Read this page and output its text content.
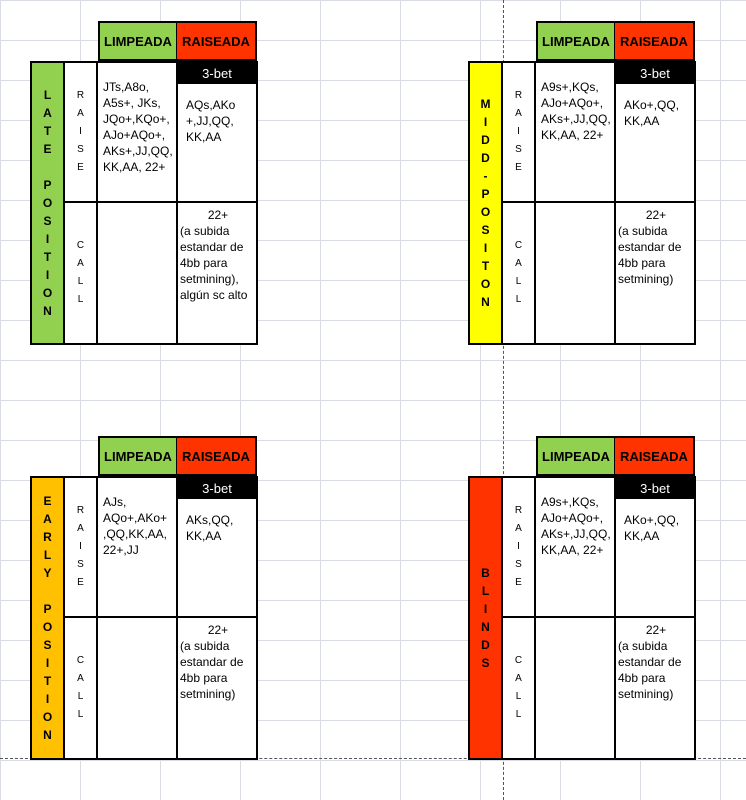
LIMPEADA RAISEADA
L
A
T
E

P
O
S
I
T
I
O
N
R
A
I
S
E
C
A
L
L
JTs,A8o, A5s+, JKs, JQo+,KQo+, AJo+AQo+, AKs+,JJ,QQ, KK,AA, 22+
3-bet
AQs,AKo +,JJ,QQ, KK,AA
22+
(a subida estandar de 4bb para setmining), algún sc alto
LIMPEADA RAISEADA
M
I
D
D
-
P
O
S
I
T
O
N
R
A
I
S
E
C
A
L
L
A9s+,KQs, AJo+AQo+, AKs+,JJ,QQ, KK,AA, 22+
3-bet
AKo+,QQ, KK,AA
22+
(a subida estandar de 4bb para setmining)
LIMPEADA RAISEADA
E
A
R
L
Y

P
O
S
I
T
I
O
N
R
A
I
S
E
C
A
L
L
AJs, AQo+,AKo+ ,QQ,KK,AA, 22+,JJ
3-bet
AKs,QQ, KK,AA
22+
(a subida estandar de 4bb para setmining)
LIMPEADA RAISEADA
B
L
I
N
D
S
R
A
I
S
E
C
A
L
L
A9s+,KQs, AJo+AQo+, AKs+,JJ,QQ, KK,AA, 22+
3-bet
AKo+,QQ, KK,AA
22+
(a subida estandar de 4bb para setmining)
